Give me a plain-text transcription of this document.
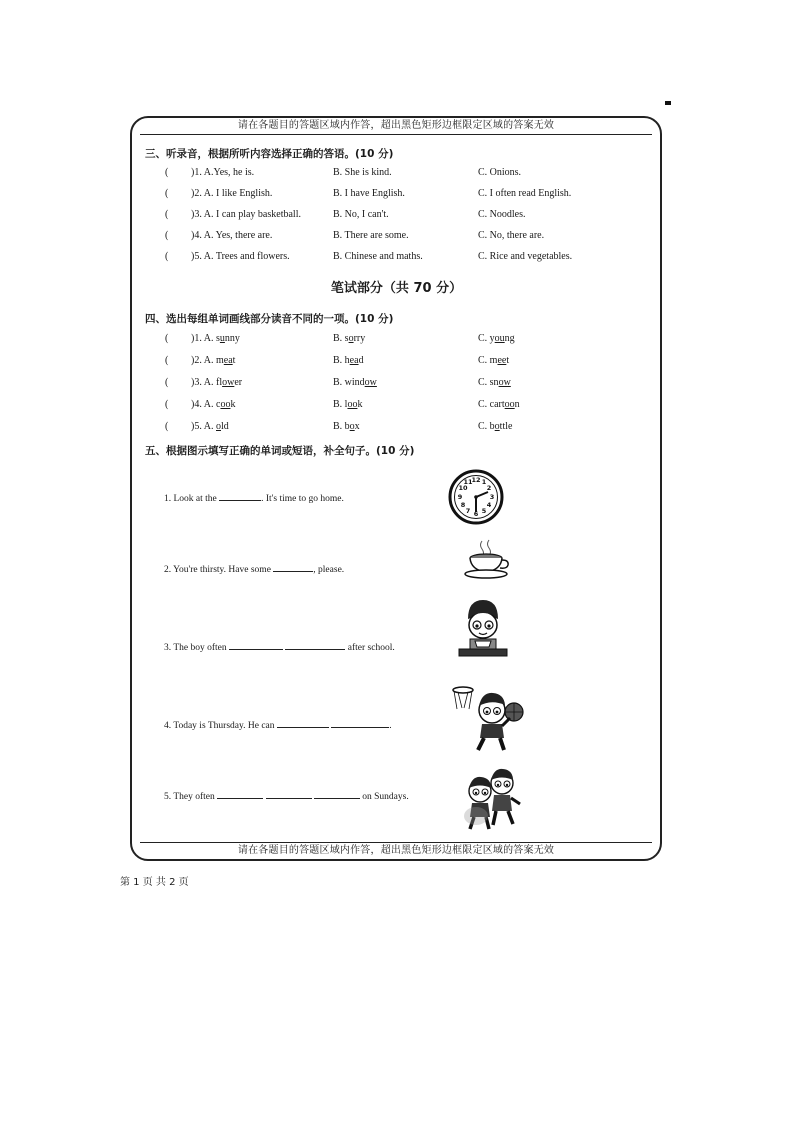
请在各题目的答题区域内作答，超出黑色矩形边框限定区域的答案无效
请在各题目的答题区域内作答，超出黑色矩形边框限定区域的答案无效
三、听录音，根据所听内容选择正确的答语。(10 分)
( )1. A.Yes, he is.	B. She is kind.	C. Onions.
( )2. A. I like English.	B. I have English.	C. I often read English.
( )3. A. I can play basketball.	B. No, I can't.	C. Noodles.
( )4. A. Yes, there are.	B. There are some.	C. No, there are.
( )5. A. Trees and flowers.	B. Chinese and maths.	C. Rice and vegetables.
笔试部分（共 70 分）
四、选出每组单词画线部分读音不同的一项。(10 分)
( )1. A. sunny	B. sorry	C. young
( )2. A. meat	B. head	C. meet
( )3. A. flower	B. window	C. snow
( )4. A. cook	B. look	C. cartoon
( )5. A. old	B. box	C. bottle
五、根据图示填写正确的单词或短语，补全句子。(10 分)
1. Look at the	. It's time to go home.
2. You're thirsty. Have some	, please.
3. The boy often	after school.
4. Today is Thursday. He can	.
5. They often	on Sundays.
12 1
2
3
4
5
6
7
8
9
10
11
第 1 页 共 2 页
